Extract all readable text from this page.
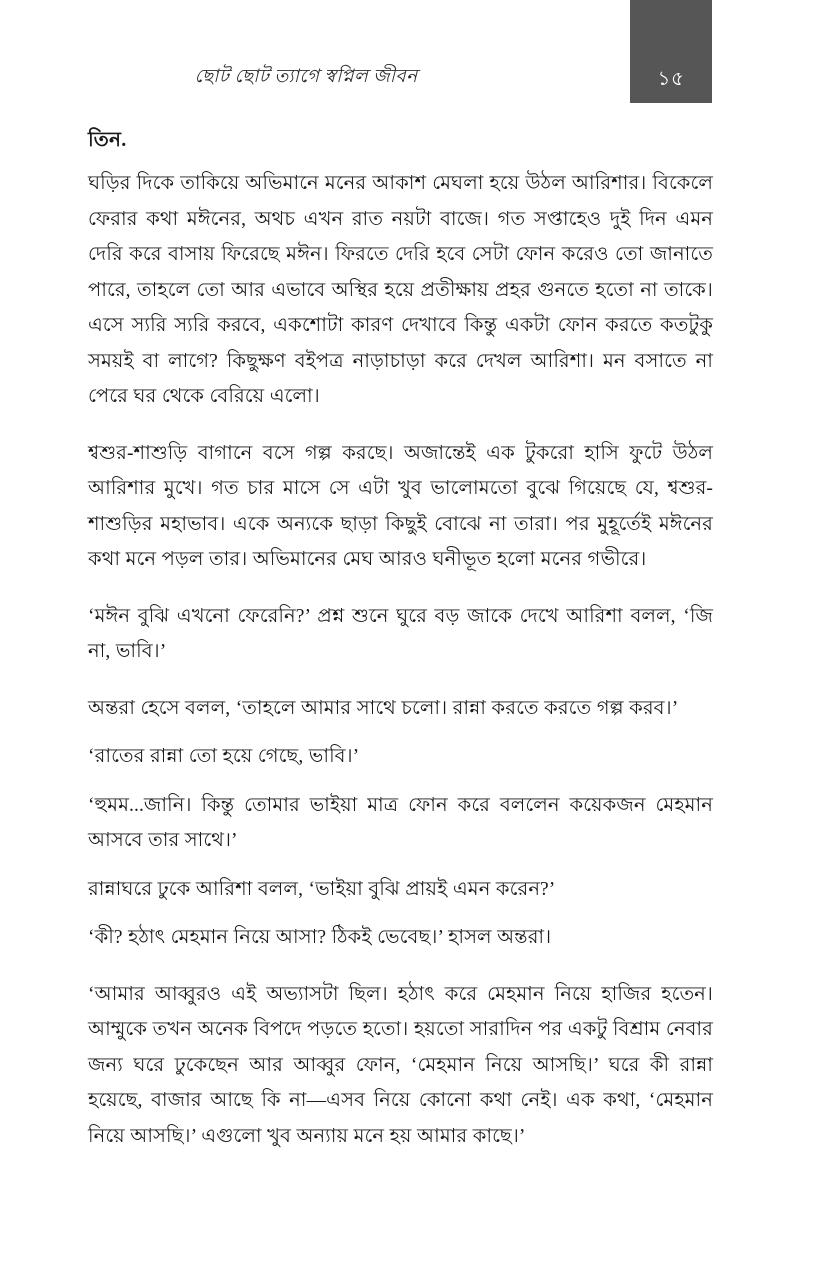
১৫
ছোট ছোট ত্যাগে স্বপ্নিল জীবন
তিন.

ঘড়ির দিকে তাকিয়ে অভিমানে মনের আকাশ মেঘলা হয়ে উঠল আরিশার। বিকেলে ফেরার কথা মঈনের, অথচ এখন রাত নয়টা বাজে। গত সপ্তাহেও দুই দিন এমন দেরি করে বাসায় ফিরেছে মঈন। ফিরতে দেরি হবে সেটা ফোন করেও তো জানাতে পারে, তাহলে তো আর এভাবে অস্থির হয়ে প্রতীক্ষায় প্রহর গুনতে হতো না তাকে। এসে স্যরি স্যরি করবে, একশোটা কারণ দেখাবে কিন্তু একটা ফোন করতে কতটুকু সময়ই বা লাগে? কিছুক্ষণ বইপত্র নাড়াচাড়া করে দেখল আরিশা। মন বসাতে না পেরে ঘর থেকে বেরিয়ে এলো।

শ্বশুর-শাশুড়ি বাগানে বসে গল্প করছে। অজান্তেই এক টুকরো হাসি ফুটে উঠল আরিশার মুখে। গত চার মাসে সে এটা খুব ভালোমতো বুঝে গিয়েছে যে, শ্বশুর-শাশুড়ির মহাভাব। একে অন্যকে ছাড়া কিছুই বোঝে না তারা। পর মুহূর্তেই মঈনের কথা মনে পড়ল তার। অভিমানের মেঘ আরও ঘনীভূত হলো মনের গভীরে।

‘মঈন বুঝি এখনো ফেরেনি?’ প্রশ্ন শুনে ঘুরে বড় জাকে দেখে আরিশা বলল, ‘জি না, ভাবি।’

অন্তরা হেসে বলল, ‘তাহলে আমার সাথে চলো। রান্না করতে করতে গল্প করব।’

‘রাতের রান্না তো হয়ে গেছে, ভাবি।’

‘হুমম...জানি। কিন্তু তোমার ভাইয়া মাত্র ফোন করে বললেন কয়েকজন মেহমান আসবে তার সাথে।’

রান্নাঘরে ঢুকে আরিশা বলল, ‘ভাইয়া বুঝি প্রায়ই এমন করেন?’

‘কী? হঠাৎ মেহমান নিয়ে আসা? ঠিকই ভেবেছ।’ হাসল অন্তরা।

‘আমার আব্বুরও এই অভ্যাসটা ছিল। হঠাৎ করে মেহমান নিয়ে হাজির হতেন। আম্মুকে তখন অনেক বিপদে পড়তে হতো। হয়তো সারাদিন পর একটু বিশ্রাম নেবার জন্য ঘরে ঢুকেছেন আর আব্বুর ফোন, ‘মেহমান নিয়ে আসছি।’ ঘরে কী রান্না হয়েছে, বাজার আছে কি না—এসব নিয়ে কোনো কথা নেই। এক কথা, ‘মেহমান নিয়ে আসছি।’ এগুলো খুব অন্যায় মনে হয় আমার কাছে।’
